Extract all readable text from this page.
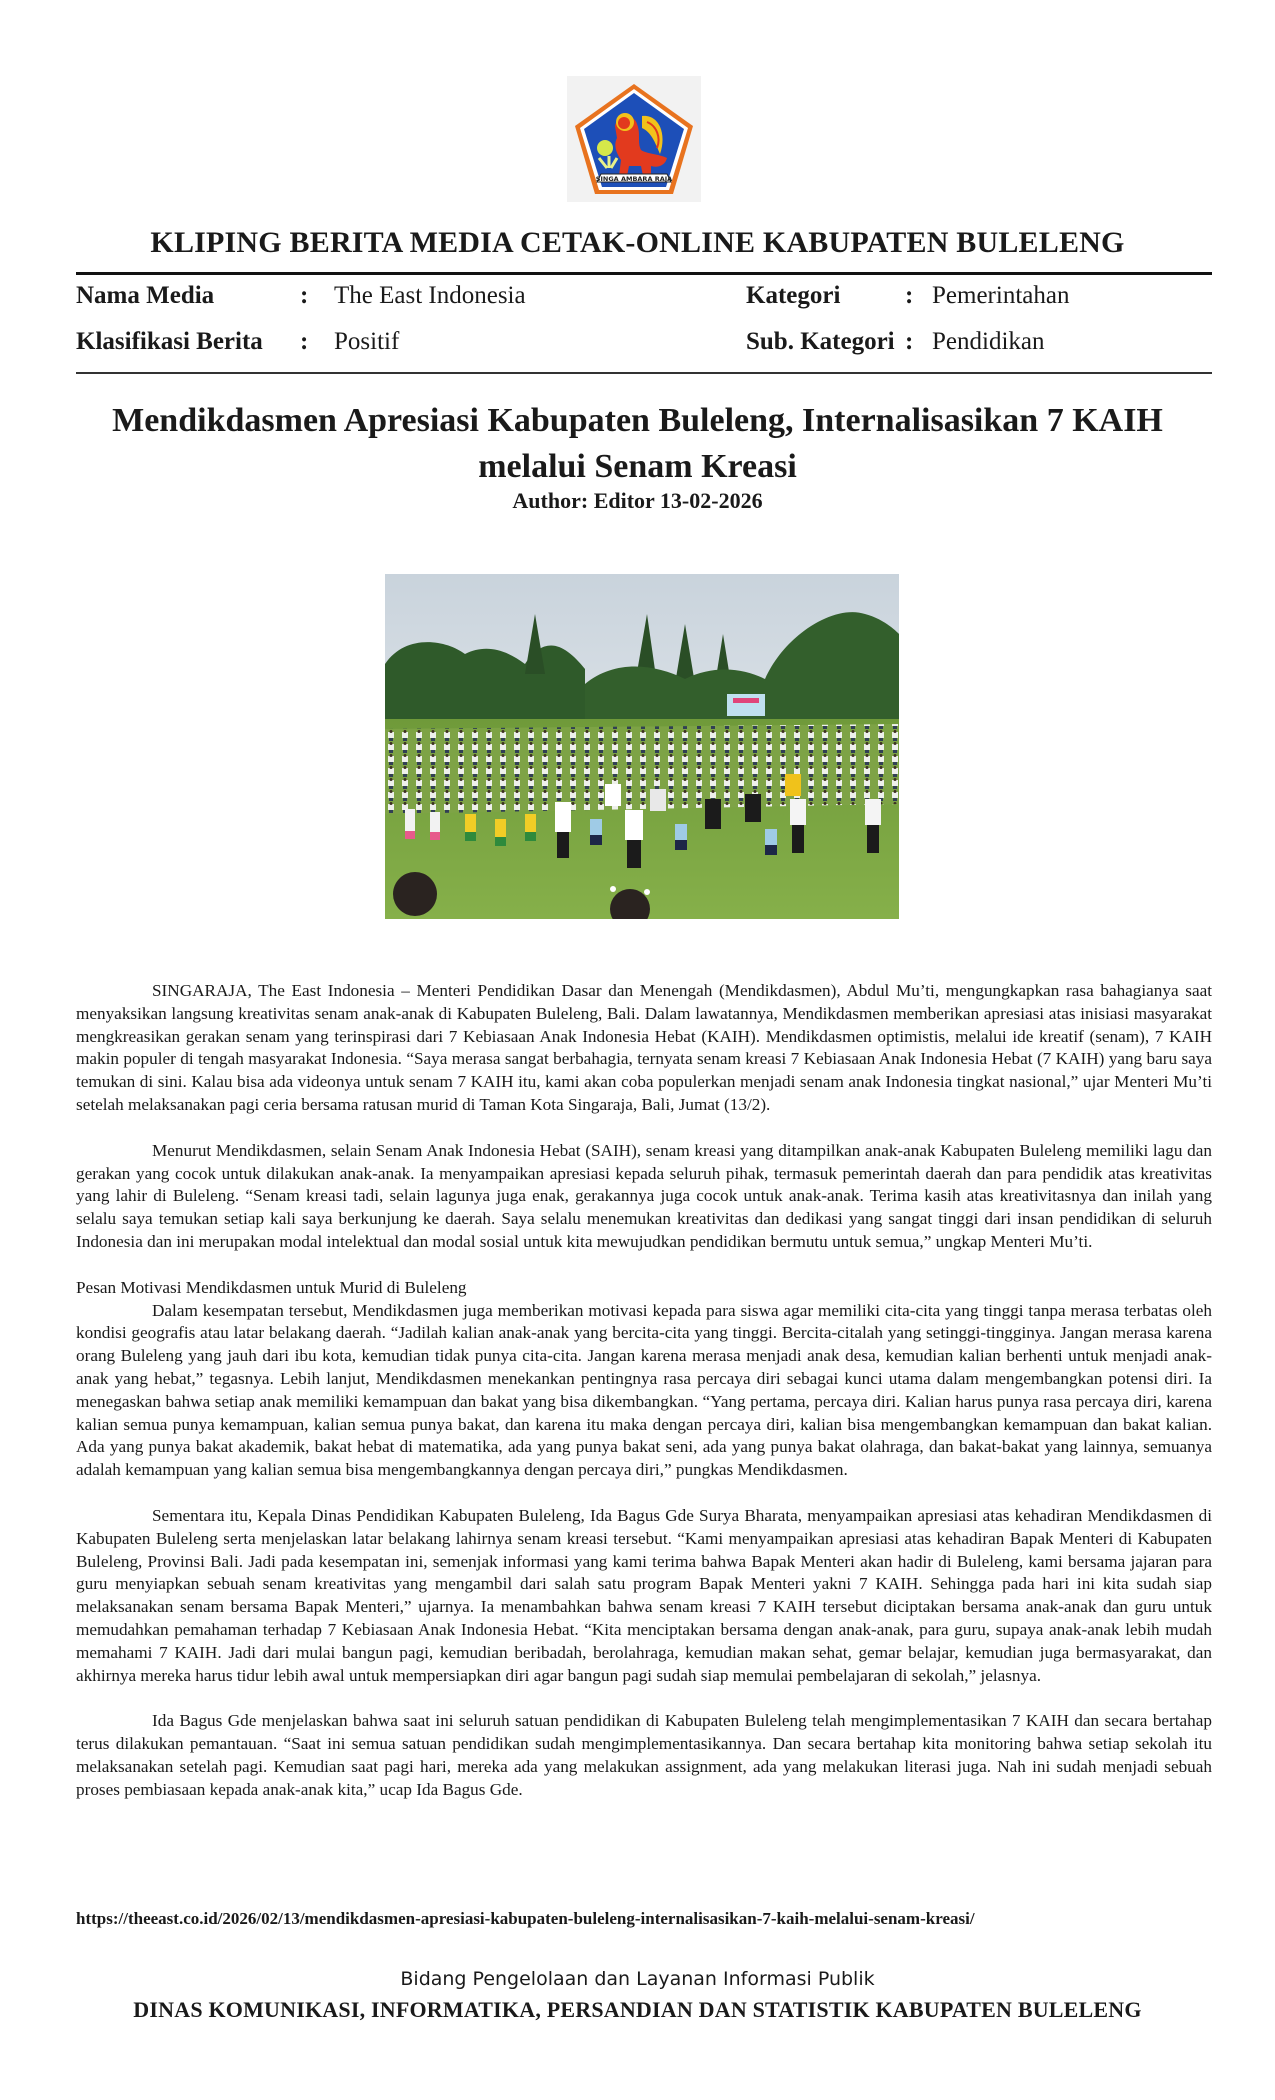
SINGA AMBARA RAJA
KLIPING BERITA MEDIA CETAK-ONLINE KABUPATEN BULELENG
Nama Media	: The East Indonesia	Kategori	: Pemerintahan
Klasifikasi Berita : Positif	Sub. Kategori : Pendidikan
Mendikdasmen Apresiasi Kabupaten Buleleng, Internalisasikan 7 KAIH
melalui Senam Kreasi
Author: Editor 13-02-2026

SINGARAJA, The East Indonesia – Menteri Pendidikan Dasar dan Menengah (Mendikdasmen), Abdul Mu’ti, mengungkapkan rasa bahagianya saat menyaksikan langsung kreativitas senam anak-anak di Kabupaten Buleleng, Bali. Dalam lawatannya, Mendikdasmen memberikan apresiasi atas inisiasi masyarakat mengkreasikan gerakan senam yang terinspirasi dari 7 Kebiasaan Anak Indonesia Hebat (KAIH). Mendikdasmen optimistis, melalui ide kreatif (senam), 7 KAIH makin populer di tengah masyarakat Indonesia. “Saya merasa sangat berbahagia, ternyata senam kreasi 7 Kebiasaan Anak Indonesia Hebat (7 KAIH) yang baru saya temukan di sini. Kalau bisa ada videonya untuk senam 7 KAIH itu, kami akan coba populerkan menjadi senam anak Indonesia tingkat nasional,” ujar Menteri Mu’ti setelah melaksanakan pagi ceria bersama ratusan murid di Taman Kota Singaraja, Bali, Jumat (13/2).

Menurut Mendikdasmen, selain Senam Anak Indonesia Hebat (SAIH), senam kreasi yang ditampilkan anak-anak Kabupaten Buleleng memiliki lagu dan gerakan yang cocok untuk dilakukan anak-anak. Ia menyampaikan apresiasi kepada seluruh pihak, termasuk pemerintah daerah dan para pendidik atas kreativitas yang lahir di Buleleng. “Senam kreasi tadi, selain lagunya juga enak, gerakannya juga cocok untuk anak-anak. Terima kasih atas kreativitasnya dan inilah yang selalu saya temukan setiap kali saya berkunjung ke daerah. Saya selalu menemukan kreativitas dan dedikasi yang sangat tinggi dari insan pendidikan di seluruh Indonesia dan ini merupakan modal intelektual dan modal sosial untuk kita mewujudkan pendidikan bermutu untuk semua,” ungkap Menteri Mu’ti.

Pesan Motivasi Mendikdasmen untuk Murid di Buleleng

Dalam kesempatan tersebut, Mendikdasmen juga memberikan motivasi kepada para siswa agar memiliki cita-cita yang tinggi tanpa merasa terbatas oleh kondisi geografis atau latar belakang daerah. “Jadilah kalian anak-anak yang bercita-cita yang tinggi. Bercita-citalah yang setinggi-tingginya. Jangan merasa karena orang Buleleng yang jauh dari ibu kota, kemudian tidak punya cita-cita. Jangan karena merasa menjadi anak desa, kemudian kalian berhenti untuk menjadi anak-anak yang hebat,” tegasnya. Lebih lanjut, Mendikdasmen menekankan pentingnya rasa percaya diri sebagai kunci utama dalam mengembangkan potensi diri. Ia menegaskan bahwa setiap anak memiliki kemampuan dan bakat yang bisa dikembangkan. “Yang pertama, percaya diri. Kalian harus punya rasa percaya diri, karena kalian semua punya kemampuan, kalian semua punya bakat, dan karena itu maka dengan percaya diri, kalian bisa mengembangkan kemampuan dan bakat kalian. Ada yang punya bakat akademik, bakat hebat di matematika, ada yang punya bakat seni, ada yang punya bakat olahraga, dan bakat-bakat yang lainnya, semuanya adalah kemampuan yang kalian semua bisa mengembangkannya dengan percaya diri,” pungkas Mendikdasmen.

Sementara itu, Kepala Dinas Pendidikan Kabupaten Buleleng, Ida Bagus Gde Surya Bharata, menyampaikan apresiasi atas kehadiran Mendikdasmen di Kabupaten Buleleng serta menjelaskan latar belakang lahirnya senam kreasi tersebut. “Kami menyampaikan apresiasi atas kehadiran Bapak Menteri di Kabupaten Buleleng, Provinsi Bali. Jadi pada kesempatan ini, semenjak informasi yang kami terima bahwa Bapak Menteri akan hadir di Buleleng, kami bersama jajaran para guru menyiapkan sebuah senam kreativitas yang mengambil dari salah satu program Bapak Menteri yakni 7 KAIH. Sehingga pada hari ini kita sudah siap melaksanakan senam bersama Bapak Menteri,” ujarnya. Ia menambahkan bahwa senam kreasi 7 KAIH tersebut diciptakan bersama anak-anak dan guru untuk memudahkan pemahaman terhadap 7 Kebiasaan Anak Indonesia Hebat. “Kita menciptakan bersama dengan anak-anak, para guru, supaya anak-anak lebih mudah memahami 7 KAIH. Jadi dari mulai bangun pagi, kemudian beribadah, berolahraga, kemudian makan sehat, gemar belajar, kemudian juga bermasyarakat, dan akhirnya mereka harus tidur lebih awal untuk mempersiapkan diri agar bangun pagi sudah siap memulai pembelajaran di sekolah,” jelasnya.

Ida Bagus Gde menjelaskan bahwa saat ini seluruh satuan pendidikan di Kabupaten Buleleng telah mengimplementasikan 7 KAIH dan secara bertahap terus dilakukan pemantauan. “Saat ini semua satuan pendidikan sudah mengimplementasikannya. Dan secara bertahap kita monitoring bahwa setiap sekolah itu melaksanakan setelah pagi. Kemudian saat pagi hari, mereka ada yang melakukan assignment, ada yang melakukan literasi juga. Nah ini sudah menjadi sebuah proses pembiasaan kepada anak-anak kita,” ucap Ida Bagus Gde.

https://theeast.co.id/2026/02/13/mendikdasmen-apresiasi-kabupaten-buleleng-internalisasikan-7-kaih-melalui-senam-kreasi/
Bidang Pengelolaan dan Layanan Informasi Publik
DINAS KOMUNIKASI, INFORMATIKA, PERSANDIAN DAN STATISTIK KABUPATEN BULELENG
